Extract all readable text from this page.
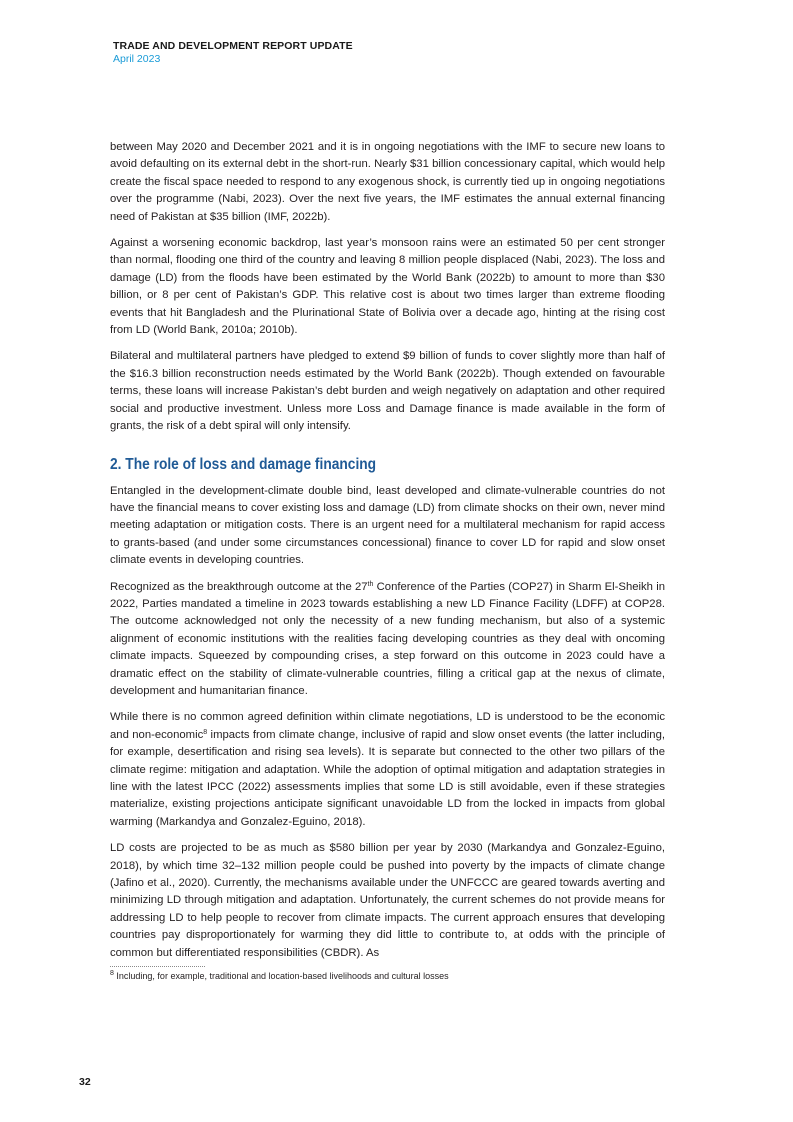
TRADE AND DEVELOPMENT REPORT UPDATE
April 2023

between May 2020 and December 2021 and it is in ongoing negotiations with the IMF to secure new loans to avoid defaulting on its external debt in the short-run. Nearly $31 billion concessionary capital, which would help create the fiscal space needed to respond to any exogenous shock, is currently tied up in ongoing negotiations over the programme (Nabi, 2023). Over the next five years, the IMF estimates the annual external financing need of Pakistan at $35 billion (IMF, 2022b).

Against a worsening economic backdrop, last year’s monsoon rains were an estimated 50 per cent stronger than normal, flooding one third of the country and leaving 8 million people displaced (Nabi, 2023). The loss and damage (LD) from the floods have been estimated by the World Bank (2022b) to amount to more than $30 billion, or 8 per cent of Pakistan’s GDP. This relative cost is about two times larger than extreme flooding events that hit Bangladesh and the Plurinational State of Bolivia over a decade ago, hinting at the rising cost from LD (World Bank, 2010a; 2010b).

Bilateral and multilateral partners have pledged to extend $9 billion of funds to cover slightly more than half of the $16.3 billion reconstruction needs estimated by the World Bank (2022b). Though extended on favourable terms, these loans will increase Pakistan’s debt burden and weigh negatively on adaptation and other required social and productive investment. Unless more Loss and Damage finance is made available in the form of grants, the risk of a debt spiral will only intensify.

2. The role of loss and damage financing

Entangled in the development-climate double bind, least developed and climate-vulnerable countries do not have the financial means to cover existing loss and damage (LD) from climate shocks on their own, never mind meeting adaptation or mitigation costs. There is an urgent need for a multilateral mechanism for rapid access to grants-based (and under some circumstances concessional) finance to cover LD for rapid and slow onset climate events in developing countries.

Recognized as the breakthrough outcome at the 27th Conference of the Parties (COP27) in Sharm El-Sheikh in 2022, Parties mandated a timeline in 2023 towards establishing a new LD Finance Facility (LDFF) at COP28. The outcome acknowledged not only the necessity of a new funding mechanism, but also of a systemic alignment of economic institutions with the realities facing developing countries as they deal with oncoming climate impacts. Squeezed by compounding crises, a step forward on this outcome in 2023 could have a dramatic effect on the stability of climate-vulnerable countries, filling a critical gap at the nexus of climate, development and humanitarian finance.

While there is no common agreed definition within climate negotiations, LD is understood to be the economic and non-economic$^8$ impacts from climate change, inclusive of rapid and slow onset events (the latter including, for example, desertification and rising sea levels). It is separate but connected to the other two pillars of the climate regime: mitigation and adaptation. While the adoption of optimal mitigation and adaptation strategies in line with the latest IPCC (2022) assessments implies that some LD is still avoidable, even if these strategies materialize, existing projections anticipate significant unavoidable LD from the locked in impacts from global warming (Markandya and Gonzalez-Eguino, 2018).

LD costs are projected to be as much as $580 billion per year by 2030 (Markandya and Gonzalez-Eguino, 2018), by which time 32–132 million people could be pushed into poverty by the impacts of climate change (Jafino et al., 2020). Currently, the mechanisms available under the UNFCCC are geared towards averting and minimizing LD through mitigation and adaptation. Unfortunately, the current schemes do not provide means for addressing LD to help people to recover from climate impacts. The current approach ensures that developing countries pay disproportionately for warming they did little to contribute to, at odds with the principle of common but differentiated responsibilities (CBDR). As

$^8$ Including, for example, traditional and location-based livelihoods and cultural losses
32
